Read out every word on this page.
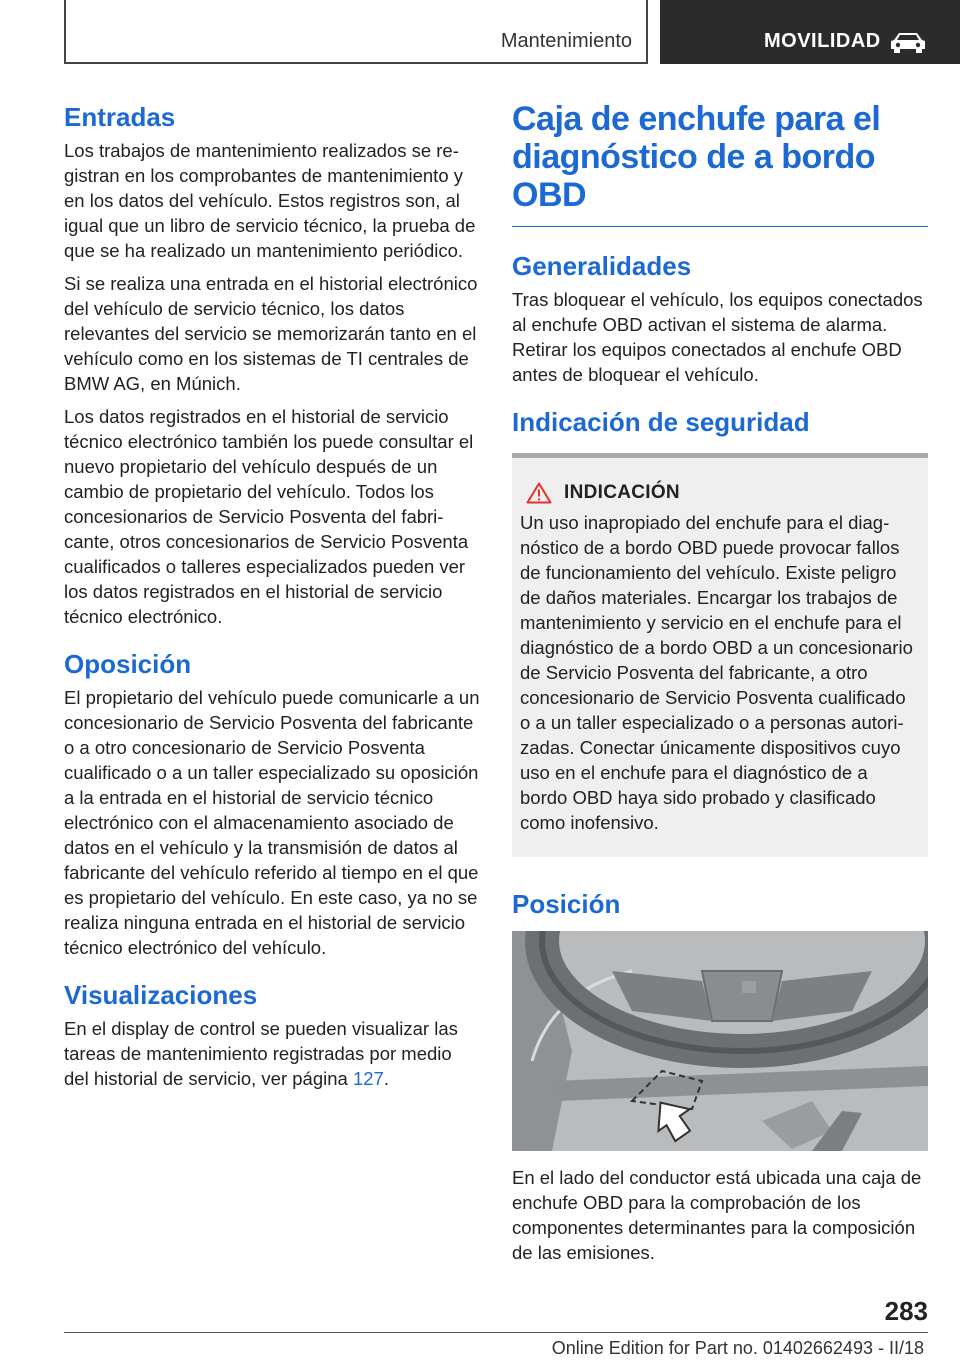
Mantenimiento	MOVILIDAD
Entradas

Los trabajos de mantenimiento realizados se registran en los comprobantes de mantenimiento y en los datos del vehículo. Estos registros son, al igual que un libro de servicio técnico, la prueba de que se ha realizado un mantenimiento periódico.

Si se realiza una entrada en el historial electrónico del vehículo de servicio técnico, los datos relevantes del servicio se memorizarán tanto en el vehículo como en los sistemas de TI centrales de BMW AG, en Múnich.

Los datos registrados en el historial de servicio técnico electrónico también los puede consultar el nuevo propietario del vehículo después de un cambio de propietario del vehículo. Todos los concesionarios de Servicio Posventa del fabricante, otros concesionarios de Servicio Posventa cualificados o talleres especializados pueden ver los datos registrados en el historial de servicio técnico electrónico.

Oposición

El propietario del vehículo puede comunicarle a un concesionario de Servicio Posventa del fabricante o a otro concesionario de Servicio Posventa cualificado o a un taller especializado su oposición a la entrada en el historial de servicio técnico electrónico con el almacenamiento asociado de datos en el vehículo y la transmisión de datos al fabricante del vehículo referido al tiempo en el que es propietario del vehículo. En este caso, ya no se realiza ninguna entrada en el historial de servicio técnico electrónico del vehículo.

Visualizaciones

En el display de control se pueden visualizar las tareas de mantenimiento registradas por medio del historial de servicio, ver página 127.

Caja de enchufe para el diagnóstico de a bordo OBD
Generalidades

Tras bloquear el vehículo, los equipos conectados al enchufe OBD activan el sistema de alarma. Retirar los equipos conectados al enchufe OBD antes de bloquear el vehículo.

Indicación de seguridad
INDICACIÓN

Un uso inapropiado del enchufe para el diagnóstico de a bordo OBD puede provocar fallos de funcionamiento del vehículo. Existe peligro de daños materiales. Encargar los trabajos de mantenimiento y servicio en el enchufe para el diagnóstico de a bordo OBD a un concesionario de Servicio Posventa del fabricante, a otro concesionario de Servicio Posventa cualificado o a un taller especializado o a personas autorizadas. Conectar únicamente dispositivos cuyo uso en el enchufe para el diagnóstico de a bordo OBD haya sido probado y clasificado como inofensivo.

Posición

En el lado del conductor está ubicada una caja de enchufe OBD para la comprobación de los componentes determinantes para la composición de las emisiones.

283
Online Edition for Part no. 01402662493 - II/18
